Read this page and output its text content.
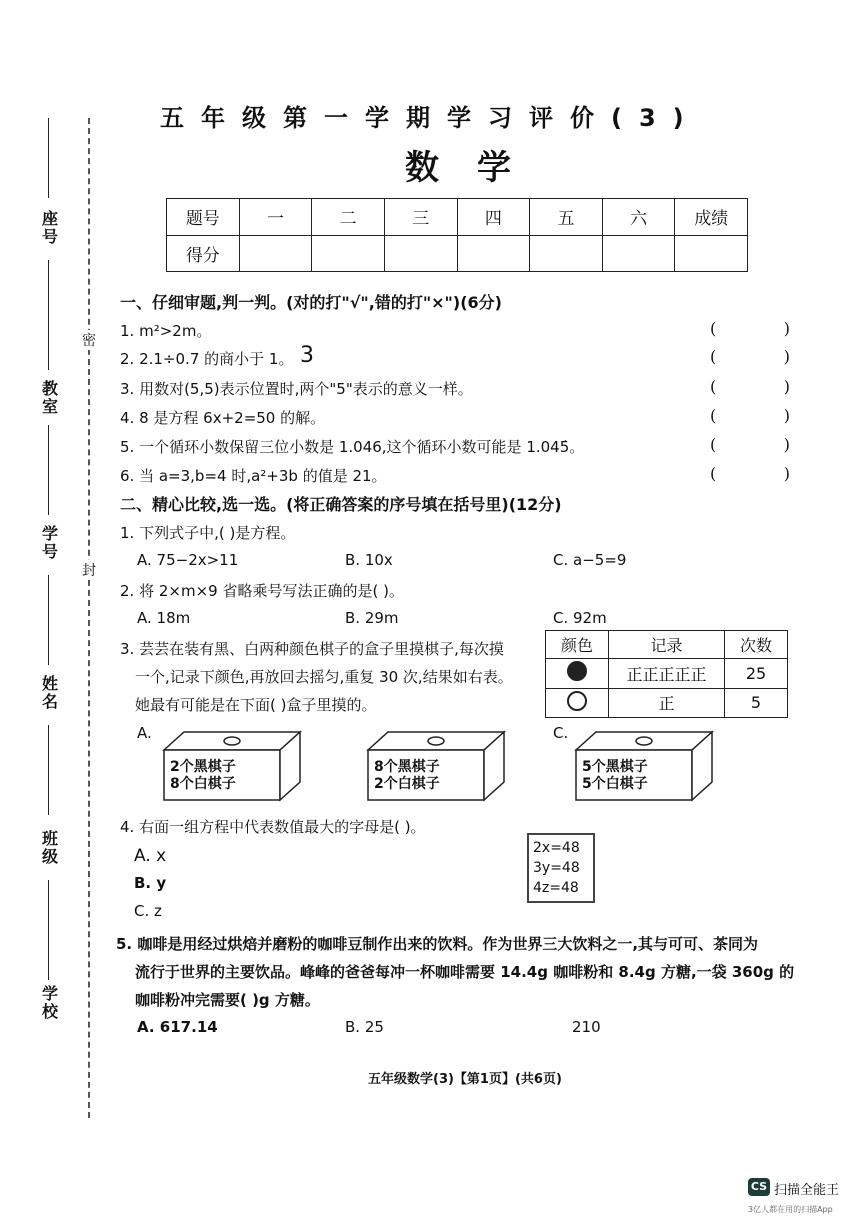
座号
教室
学号
姓名
班级
学校
密
封
五年级第一学期学习评价(3)
数学
题号	一	二	三	四	五	六	成绩
得分							
一、仔细审题,判一判。(对的打"√",错的打"×")(6分)
1. m²>2m。	(	)
2. 2.1÷0.7 的商小于 1。 3	(	)
3. 用数对(5,5)表示位置时,两个"5"表示的意义一样。	(	)
4. 8 是方程 6x+2=50 的解。	(	)
5. 一个循环小数保留三位小数是 1.046,这个循环小数可能是 1.045̇。	(	)
6. 当 a=3,b=4 时,a²+3b 的值是 21。	(	)
二、精心比较,选一选。(将正确答案的序号填在括号里)(12分)
1. 下列式子中,( )是方程。
A. 75−2x>11	B. 10x	C. a−5=9
2. 将 2×m×9 省略乘号写法正确的是( )。
A. 18m	B. 29m	C. 92m
3. 芸芸在装有黑、白两种颜色棋子的盒子里摸棋子,每次摸
一个,记录下颜色,再放回去摇匀,重复 30 次,结果如右表。
她最有可能是在下面( )盒子里摸的。
颜色	记录	次数
	正正正正正	25
	正	5
A.	C.
2个黑棋子
8个白棋子
8个黑棋子
2个白棋子
5个黑棋子
5个白棋子
4. 右面一组方程中代表数值最大的字母是( )。
A. x
B. y
C. z
2x=48
3y=48
4z=48
5. 咖啡是用经过烘焙并磨粉的咖啡豆制作出来的饮料。作为世界三大饮料之一,其与可可、茶同为
流行于世界的主要饮品。峰峰的爸爸每冲一杯咖啡需要 14.4g 咖啡粉和 8.4g 方糖,一袋 360g 的
咖啡粉冲完需要( )g 方糖。
A. 617.14	B. 25	210
五年级数学(3)【第1页】(共6页)
CS 扫描全能王
3亿人都在用的扫描App
